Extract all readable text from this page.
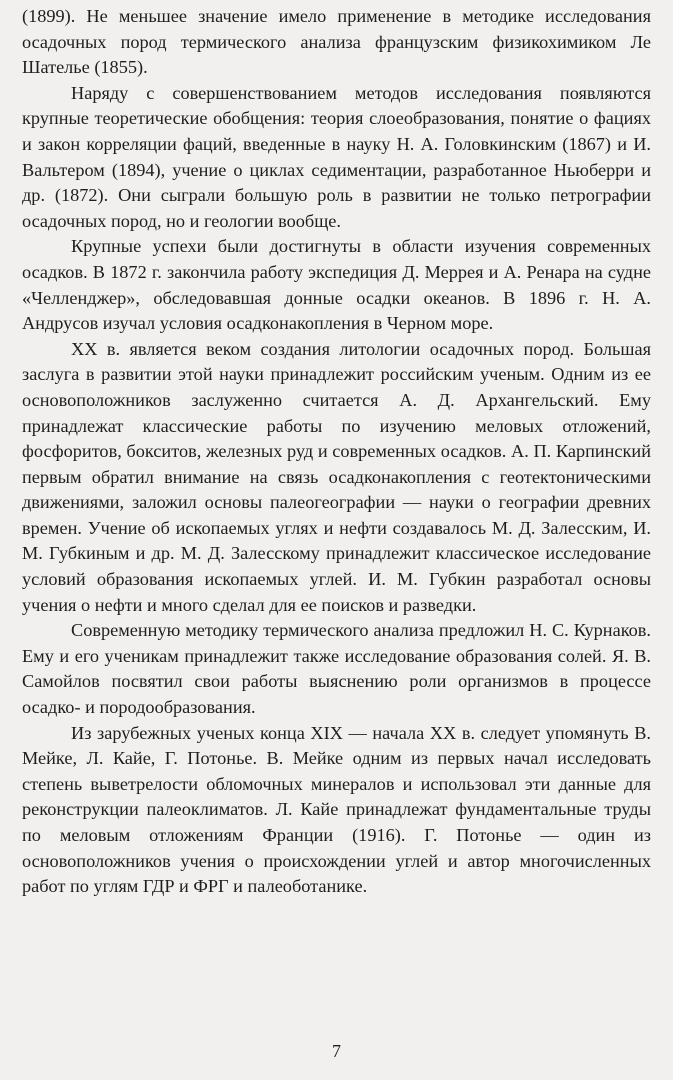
(1899). Не меньшее значение имело применение в методике исследования осадочных пород термического анализа французским физикохимиком Ле Шателье (1855).

Наряду с совершенствованием методов исследования появляются крупные теоретические обобщения: теория слоеобразования, понятие о фациях и закон корреляции фаций, введенные в науку Н. А. Головкинским (1867) и И. Вальтером (1894), учение о циклах седиментации, разработанное Ньюберри и др. (1872). Они сыграли большую роль в развитии не только петрографии осадочных пород, но и геологии вообще.

Крупные успехи были достигнуты в области изучения современных осадков. В 1872 г. закончила работу экспедиция Д. Меррея и А. Ренара на судне «Челленджер», обследовавшая донные осадки океанов. В 1896 г. Н. А. Андрусов изучал условия осадконакопления в Черном море.

XX в. является веком создания литологии осадочных пород. Большая заслуга в развитии этой науки принадлежит российским ученым. Одним из ее основоположников заслуженно считается А. Д. Архангельский. Ему принадлежат классические работы по изучению меловых отложений, фосфоритов, бокситов, железных руд и современных осадков. А. П. Карпинский первым обратил внимание на связь осадконакопления с геотектоническими движениями, заложил основы палеогеографии — науки о географии древних времен. Учение об ископаемых углях и нефти создавалось М. Д. Залесским, И. М. Губкиным и др. М. Д. Залесскому принадлежит классическое исследование условий образования ископаемых углей. И. М. Губкин разработал основы учения о нефти и много сделал для ее поисков и разведки.

Современную методику термического анализа предложил Н. С. Курнаков. Ему и его ученикам принадлежит также исследование образования солей. Я. В. Самойлов посвятил свои работы выяснению роли организмов в процессе осадко- и породообразования.

Из зарубежных ученых конца XIX — начала XX в. следует упомянуть В. Мейке, Л. Кайе, Г. Потонье. В. Мейке одним из первых начал исследовать степень выветрелости обломочных минералов и использовал эти данные для реконструкции палеоклиматов. Л. Кайе принадлежат фундаментальные труды по меловым отложениям Франции (1916). Г. Потонье — один из основоположников учения о происхождении углей и автор многочисленных работ по углям ГДР и ФРГ и палеоботанике.

7
